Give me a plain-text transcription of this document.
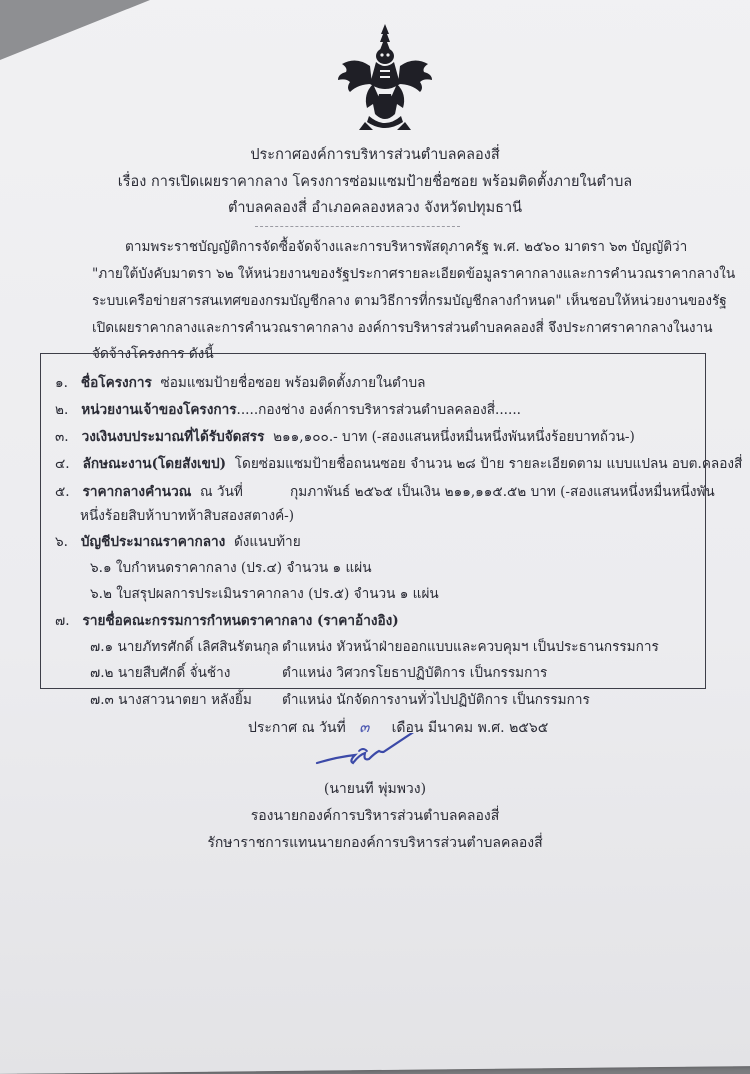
ประกาศองค์การบริหารส่วนตำบลคลองสี่
เรื่อง การเปิดเผยราคากลาง โครงการซ่อมแซมป้ายชื่อซอย พร้อมติดตั้งภายในตำบล
ตำบลคลองสี่ อำเภอคลองหลวง จังหวัดปทุมธานี
ตามพระราชบัญญัติการจัดซื้อจัดจ้างและการบริหารพัสดุภาครัฐ พ.ศ. ๒๕๖๐ มาตรา ๖๓ บัญญัติว่า
"ภายใต้บังคับมาตรา ๖๒ ให้หน่วยงานของรัฐประกาศรายละเอียดข้อมูลราคากลางและการคำนวณราคากลางใน
ระบบเครือข่ายสารสนเทศของกรมบัญชีกลาง ตามวิธีการที่กรมบัญชีกลางกำหนด" เห็นชอบให้หน่วยงานของรัฐ
เปิดเผยราคากลางและการคำนวณราคากลาง องค์การบริหารส่วนตำบลคลองสี่ จึงประกาศราคากลางในงาน
จัดจ้างโครงการ ดังนี้
๑. ชื่อโครงการ ซ่อมแซมป้ายชื่อซอย พร้อมติดตั้งภายในตำบล
๒. หน่วยงานเจ้าของโครงการ.....กองช่าง องค์การบริหารส่วนตำบลคลองสี่......
๓. วงเงินงบประมาณที่ได้รับจัดสรร ๒๑๑,๑๐๐.- บาท (-สองแสนหนึ่งหมื่นหนึ่งพันหนึ่งร้อยบาทถ้วน-)
๔. ลักษณะงาน(โดยสังเขป) โดยซ่อมแซมป้ายชื่อถนนซอย จำนวน ๒๘ ป้าย รายละเอียดตาม แบบแปลน อบต.คลองสี่
๕. ราคากลางคำนวณ ณ วันที่	กุมภาพันธ์ ๒๕๖๕ เป็นเงิน ๒๑๑,๑๑๕.๕๒ บาท (-สองแสนหนึ่งหมื่นหนึ่งพัน
หนึ่งร้อยสิบห้าบาทห้าสิบสองสตางค์-)
๖. บัญชีประมาณราคากลาง ดังแนบท้าย
๖.๑ ใบกำหนดราคากลาง (ปร.๔) จำนวน ๑ แผ่น
๖.๒ ใบสรุปผลการประเมินราคากลาง (ปร.๕) จำนวน ๑ แผ่น
๗. รายชื่อคณะกรรมการกำหนดราคากลาง (ราคาอ้างอิง)
๗.๑ นายภัทรศักดิ์ เลิศสินรัตนกุล ตำแหน่ง หัวหน้าฝ่ายออกแบบและควบคุมฯ เป็นประธานกรรมการ
๗.๒ นายสืบศักดิ์ จั่นช้าง	ตำแหน่ง วิศวกรโยธาปฏิบัติการ เป็นกรรมการ
๗.๓ นางสาวนาตยา หลังยิ้ม ตำแหน่ง นักจัดการงานทั่วไปปฏิบัติการ เป็นกรรมการ
ประกาศ ณ วันที่ ๓ เดือน มีนาคม พ.ศ. ๒๕๖๕
(นายนที พุ่มพวง)
รองนายกองค์การบริหารส่วนตำบลคลองสี่
รักษาราชการแทนนายกองค์การบริหารส่วนตำบลคลองสี่
